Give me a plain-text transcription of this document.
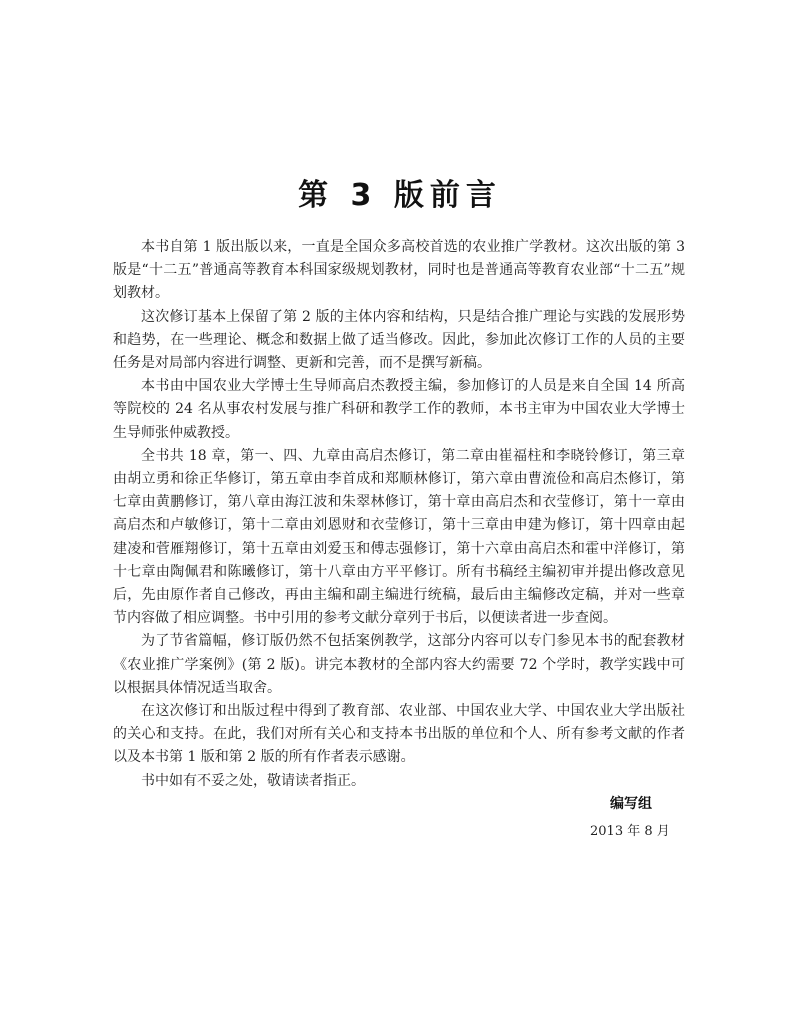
第 3 版前言

本书自第 1 版出版以来，一直是全国众多高校首选的农业推广学教材。这次出版的第 3 版是“十二五”普通高等教育本科国家级规划教材，同时也是普通高等教育农业部“十二五”规划教材。

这次修订基本上保留了第 2 版的主体内容和结构，只是结合推广理论与实践的发展形势和趋势，在一些理论、概念和数据上做了适当修改。因此，参加此次修订工作的人员的主要任务是对局部内容进行调整、更新和完善，而不是撰写新稿。

本书由中国农业大学博士生导师高启杰教授主编，参加修订的人员是来自全国 14 所高等院校的 24 名从事农村发展与推广科研和教学工作的教师，本书主审为中国农业大学博士生导师张仲威教授。

全书共 18 章，第一、四、九章由高启杰修订，第二章由崔福柱和李晓铃修订，第三章由胡立勇和徐正华修订，第五章由李首成和郑顺林修订，第六章由曹流俭和高启杰修订，第七章由黄鹏修订，第八章由海江波和朱翠林修订，第十章由高启杰和衣莹修订，第十一章由高启杰和卢敏修订，第十二章由刘恩财和衣莹修订，第十三章由申建为修订，第十四章由起建凌和菅雁翔修订，第十五章由刘爱玉和傅志强修订，第十六章由高启杰和霍中洋修订，第十七章由陶佩君和陈曦修订，第十八章由方平平修订。所有书稿经主编初审并提出修改意见后，先由原作者自己修改，再由主编和副主编进行统稿，最后由主编修改定稿，并对一些章节内容做了相应调整。书中引用的参考文献分章列于书后，以便读者进一步查阅。

为了节省篇幅，修订版仍然不包括案例教学，这部分内容可以专门参见本书的配套教材《农业推广学案例》(第 2 版)。讲完本教材的全部内容大约需要 72 个学时，教学实践中可以根据具体情况适当取舍。

在这次修订和出版过程中得到了教育部、农业部、中国农业大学、中国农业大学出版社的关心和支持。在此，我们对所有关心和支持本书出版的单位和个人、所有参考文献的作者以及本书第 1 版和第 2 版的所有作者表示感谢。

书中如有不妥之处，敬请读者指正。

编写组
2013 年 8 月
